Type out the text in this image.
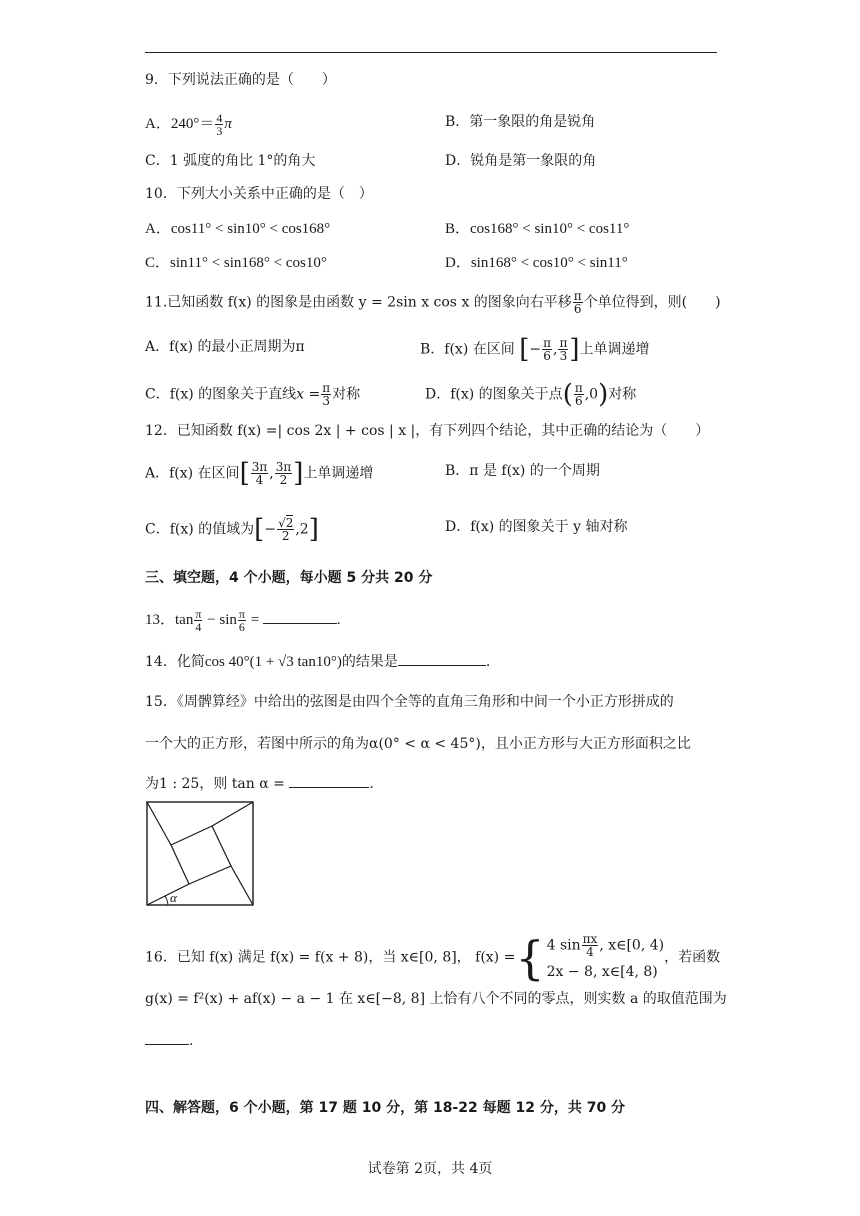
9．下列说法正确的是（　　）
A．$240^\circ= \frac{4}{3}$ π	B．第一象限的角是锐角
C．1 弧度的角比 1°的角大	D．锐角是第一象限的角
10．下列大小关系中正确的是（　）
A．cos11° < sin10° < cos168°	B．cos168° < sin10° < cos11°
C．sin11° < sin168° < cos10°	D．sin168° < cos10° < sin11°
11.已知函数 f(x) 的图象是由函数 y = 2sin x cos x 的图象向右平移 $\frac{\pi}{6}$ 个单位得到，则(　　)
A．f(x) 的最小正周期为π	B．f(x) 在区间 [− $\frac{\pi}{6}$ , $\frac{\pi}{3}$ ]上单调递增
C．f(x) 的图象关于直线$x = \frac{\pi}{3}$ 对称	D．f(x) 的图象关于点( $\frac{\pi}{6} ,0$)对称
12．已知函数 f(x) =| cos 2x | + cos | x |，有下列四个结论，其中正确的结论为（　　）
A．f(x) 在区间[ $\frac{3\pi}{4}$ , $\frac{3\pi}{2}$ ]上单调递增	B．π 是 f(x) 的一个周期
C．f(x) 的值域为[− $\frac{√2}{2} ,2$]	D．f(x) 的图象关于 y 轴对称
三、填空题，4 个小题，每小题 5 分共 20 分
13．$\tan \frac{\pi}{4} - \sin \frac{\pi}{6}$ =	.
14．化简cos 40°(1 + √3 tan10°)的结果是	.
15．《周髀算经》中给出的弦图是由四个全等的直角三角形和中间一个小正方形拼成的
一个大的正方形，若图中所示的角为α(0° < α < 45°)，且小正方形与大正方形面积之比
为1 : 25，则 tan α =	.
α
16．已知 f(x) 满足 f(x) = f(x + 8)，当 x∈[0, 8]， f(x) ={ 4 $\sin \frac{\pi x}{4}$ , x∈[0, 4)
2x − 8, x∈[4, 8)
，若函数
g(x) = f²(x) + af(x) − a − 1 在 x∈[−8, 8] 上恰有八个不同的零点，则实数 a 的取值范围为
.
四、解答题，6 个小题，第 17 题 10 分，第 18-22 每题 12 分，共 70 分
试卷第 2页，共 4页
